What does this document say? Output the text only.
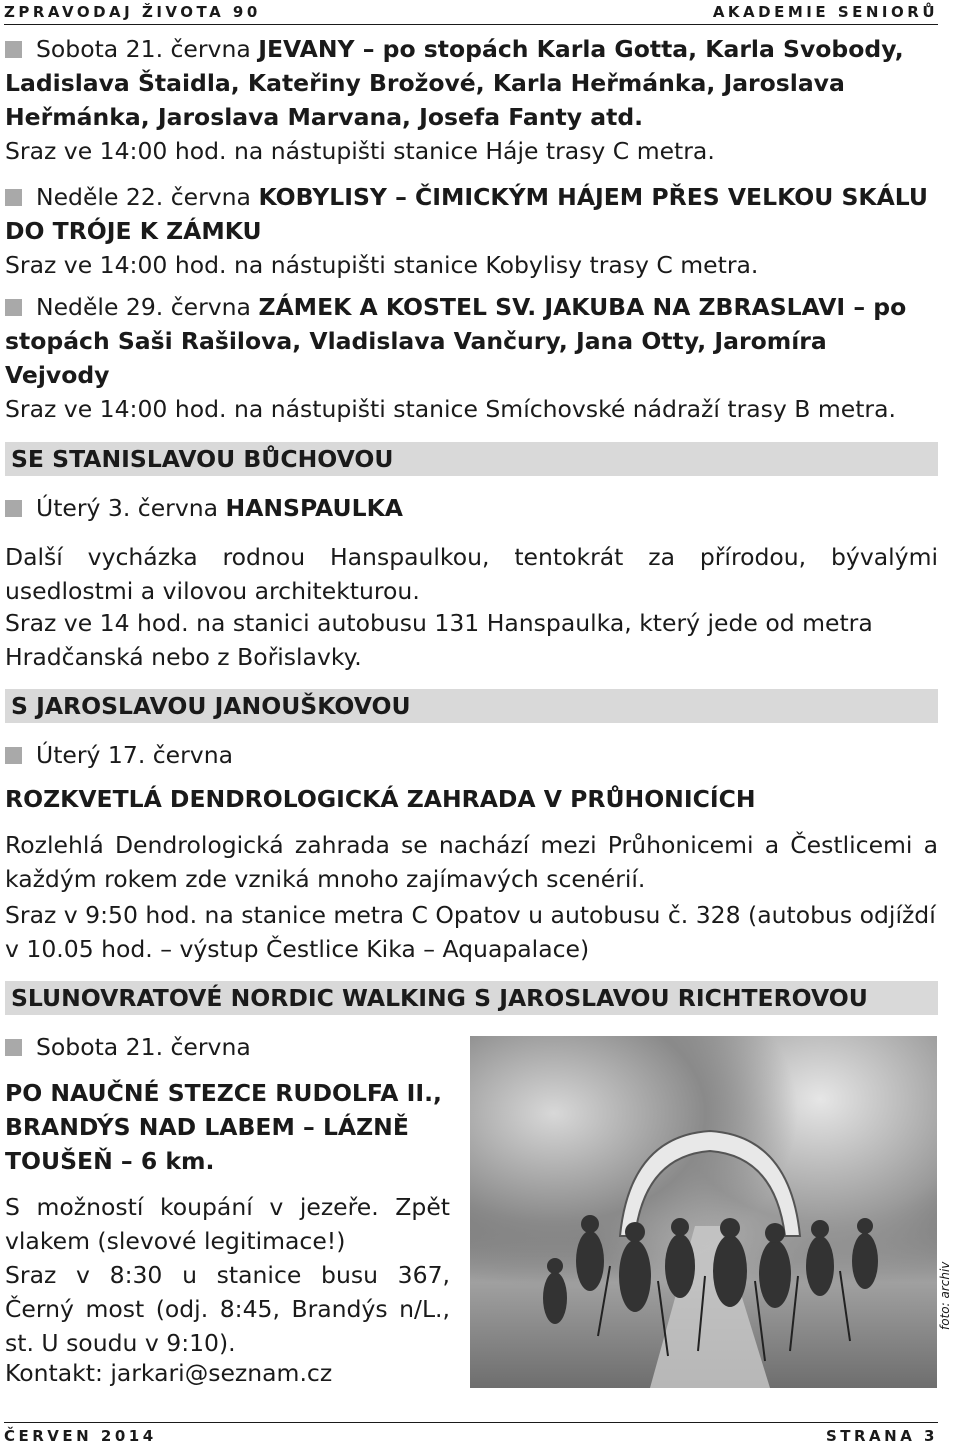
ZPRAVODAJ ŽIVOTA 90	AKADEMIE SENIORŮ
Sobota 21. června JEVANY – po stopách Karla Gotta, Karla Svobody, Ladislava Štaidla, Kateřiny Brožové, Karla Heřmánka, Jaroslava Heřmánka, Jaroslava Marvana, Josefa Fanty atd.
Sraz ve 14:00 hod. na nástupišti stanice Háje trasy C metra.
Neděle 22. června KOBYLISY – ČIMICKÝM HÁJEM PŘES VELKOU SKÁLU DO TRÓJE K ZÁMKU
Sraz ve 14:00 hod. na nástupišti stanice Kobylisy trasy C metra.
Neděle 29. června ZÁMEK A KOSTEL SV. JAKUBA NA ZBRASLAVI – po stopách Saši Rašilova, Vladislava Vančury, Jana Otty, Jaromíra Vejvody
Sraz ve 14:00 hod. na nástupišti stanice Smíchovské nádraží trasy B metra.
SE STANISLAVOU BŮCHOVOU
Úterý 3. června HANSPAULKA
Další vycházka rodnou Hanspaulkou, tentokrát za přírodou, bývalými usedlostmi a vilovou architekturou.
Sraz ve 14 hod. na stanici autobusu 131 Hanspaulka, který jede od metra Hradčanská nebo z Bořislavky.
S JAROSLAVOU JANOUŠKOVOU
Úterý 17. června
ROZKVETLÁ DENDROLOGICKÁ ZAHRADA V PRŮHONICÍCH
Rozlehlá Dendrologická zahrada se nachází mezi Průhonicemi a Čestlicemi a každým rokem zde vzniká mnoho zajímavých scenérií.
Sraz v 9:50 hod. na stanice metra C Opatov u autobusu č. 328 (autobus odjíždí v 10.05 hod. – výstup Čestlice Kika – Aquapalace)
SLUNOVRATOVÉ NORDIC WALKING S JAROSLAVOU RICHTEROVOU
Sobota 21. června
PO NAUČNÉ STEZCE RUDOLFA II., BRANDÝS NAD LABEM – LÁZNĚ TOUŠEŇ – 6 km.
S možností koupání v jezeře. Zpět vlakem (slevové legitimace!)
Sraz v 8:30 u stanice busu 367, Černý most (odj. 8:45, Brandýs n/L., st. U soudu v 9:10).
Kontakt: jarkari@seznam.cz
foto: archiv
ČERVEN 2014	STRANA 3
